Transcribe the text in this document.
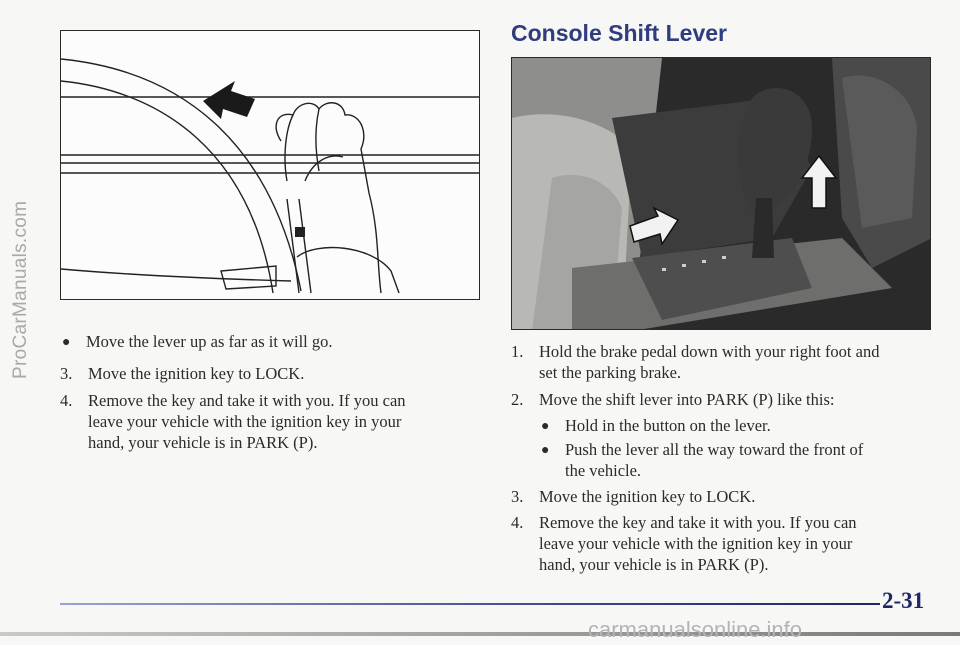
ProCarManuals.com
Console Shift Lever

● Move the lever up as far as it will go.

3. Move the ignition key to LOCK.

4. Remove the key and take it with you. If you can
leave your vehicle with the ignition key in your
hand, your vehicle is in PARK (P).

1. Hold the brake pedal down with your right foot and
set the parking brake.

2. Move the shift lever into PARK (P) like this:

● Hold in the button on the lever.

● Push the lever all the way toward the front of
the vehicle.

3. Move the ignition key to LOCK.

4. Remove the key and take it with you. If you can
leave your vehicle with the ignition key in your
hand, your vehicle is in PARK (P).

2-31
carmanualsonline.info
